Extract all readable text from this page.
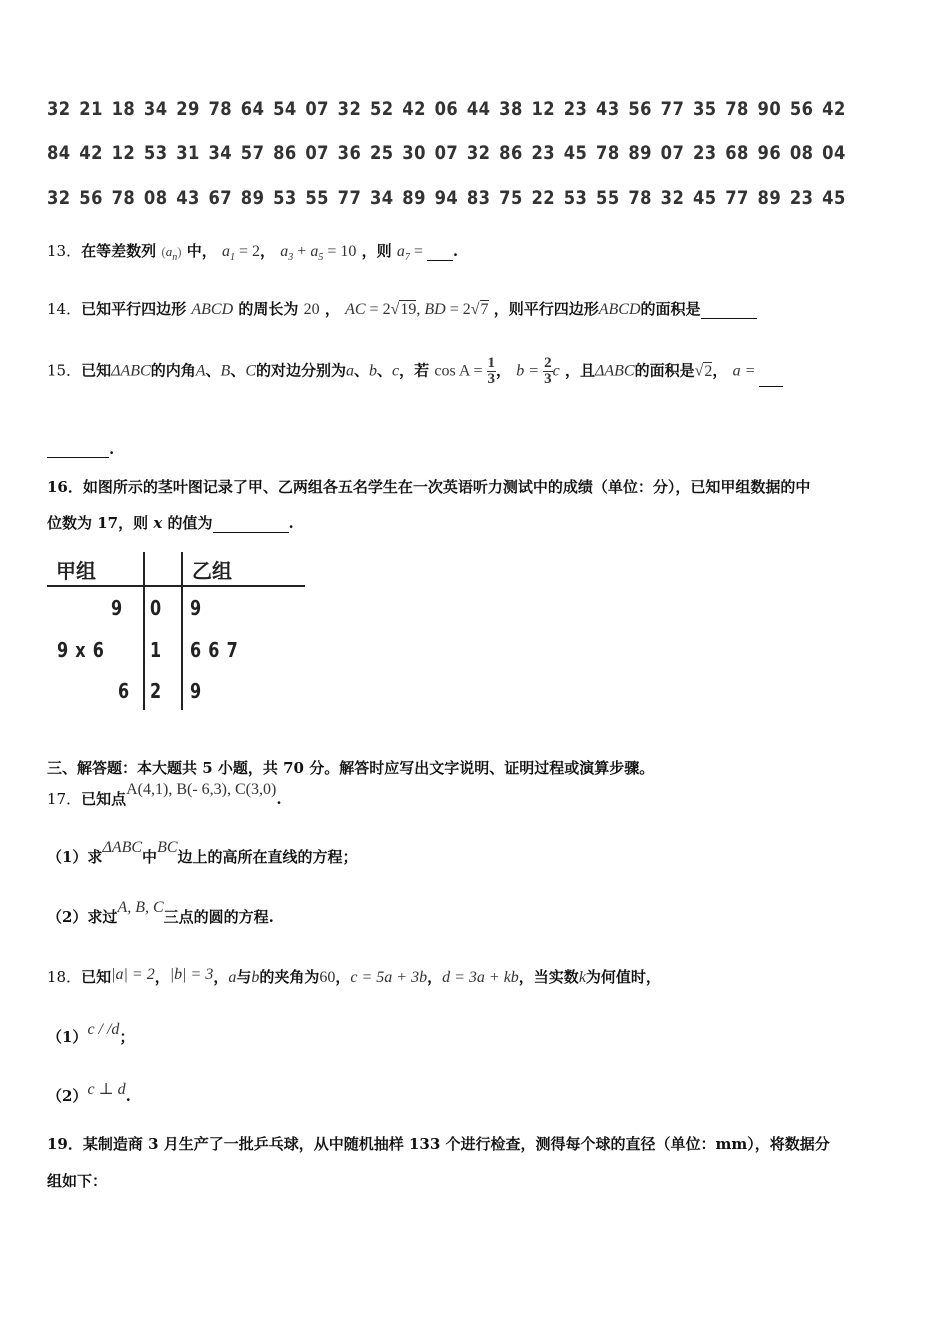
32 21 18 34 29 78 64 54 07 32 52 42 06 44 38 12 23 43 56 77 35 78 90 56 42
84 42 12 53 31 34 57 86 07 36 25 30 07 32 86 23 45 78 89 07 23 68 96 08 04
32 56 78 08 43 67 89 53 55 77 34 89 94 83 75 22 53 55 78 32 45 77 89 23 45
13．在等差数列 $(a_n)$ 中， $a_1 = 2$， $a_3 + a_5 = 10$ ，则 $a_7$ = .
14．已知平行四边形 ABCD 的周长为 20 ， AC = 2√19, BD = 2√7 ，则平行四边形ABCD的面积是
15．已知ΔABC的内角A、B、C的对边分别为a、b、c，若 $\cos A = \frac{1}{3}$ ， $b = \frac{2}{3}$ c ，且ΔABC的面积是√2， a =
.
16．如图所示的茎叶图记录了甲、乙两组各五名学生在一次英语听力测试中的成绩（单位：分），已知甲组数据的中
位数为 17，则 x 的值为	.
甲组	乙组
9 0 9
9 x 6 1 6 6 7
6 2 9
三、解答题：本大题共 5 小题，共 70 分。解答时应写出文字说明、证明过程或演算步骤。
17．已知点A(4,1), B(- 6,3), C(3,0).
（1）求ΔABC中BC边上的高所在直线的方程；
（2）求过A, B, C三点的圆的方程.
18．已知|a| = 2，|b| = 3，a与b的夹角为60，c = 5a + 3b，d = 3a + kb，当实数k为何值时，
（1）c / /d；
（2）c ⊥ d.
19．某制造商 3 月生产了一批乒乓球，从中随机抽样 133 个进行检查，测得每个球的直径（单位：mm），将数据分
组如下：
